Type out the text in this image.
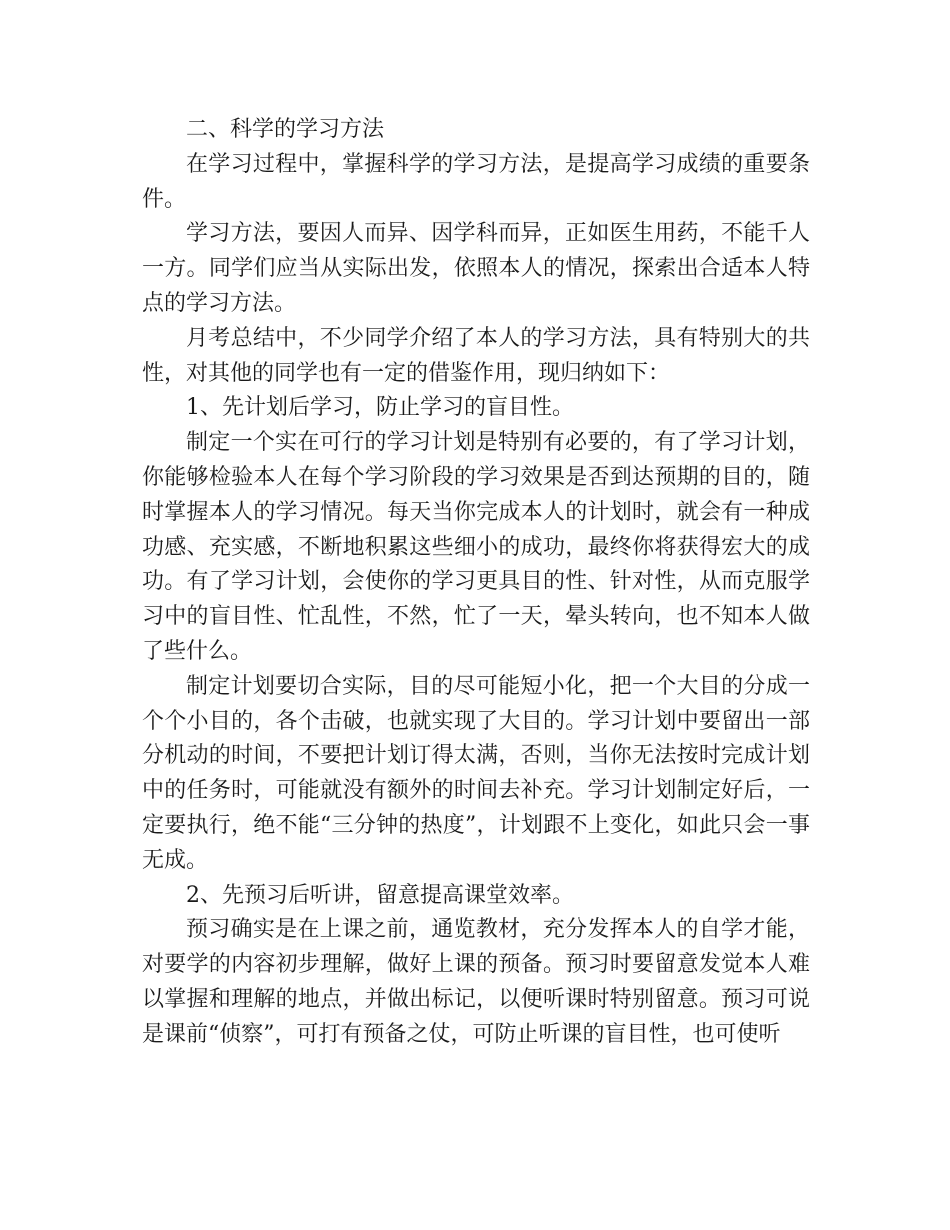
二、科学的学习方法

在学习过程中，掌握科学的学习方法，是提高学习成绩的重要条件。

学习方法，要因人而异、因学科而异，正如医生用药，不能千人一方。同学们应当从实际出发，依照本人的情况，探索出合适本人特点的学习方法。

月考总结中，不少同学介绍了本人的学习方法，具有特别大的共性，对其他的同学也有一定的借鉴作用，现归纳如下：

1、先计划后学习，防止学习的盲目性。

制定一个实在可行的学习计划是特别有必要的，有了学习计划，你能够检验本人在每个学习阶段的学习效果是否到达预期的目的，随时掌握本人的学习情况。每天当你完成本人的计划时，就会有一种成功感、充实感，不断地积累这些细小的成功，最终你将获得宏大的成功。有了学习计划，会使你的学习更具目的性、针对性，从而克服学习中的盲目性、忙乱性，不然，忙了一天，晕头转向，也不知本人做了些什么。

制定计划要切合实际，目的尽可能短小化，把一个大目的分成一个个小目的，各个击破，也就实现了大目的。学习计划中要留出一部分机动的时间，不要把计划订得太满，否则，当你无法按时完成计划中的任务时，可能就没有额外的时间去补充。学习计划制定好后，一定要执行，绝不能“三分钟的热度”，计划跟不上变化，如此只会一事无成。

2、先预习后听讲，留意提高课堂效率。

预习确实是在上课之前，通览教材，充分发挥本人的自学才能，对要学的内容初步理解，做好上课的预备。预习时要留意发觉本人难以掌握和理解的地点，并做出标记，以便听课时特别留意。预习可说是课前“侦察”，可打有预备之仗，可防止听课的盲目性，也可使听
